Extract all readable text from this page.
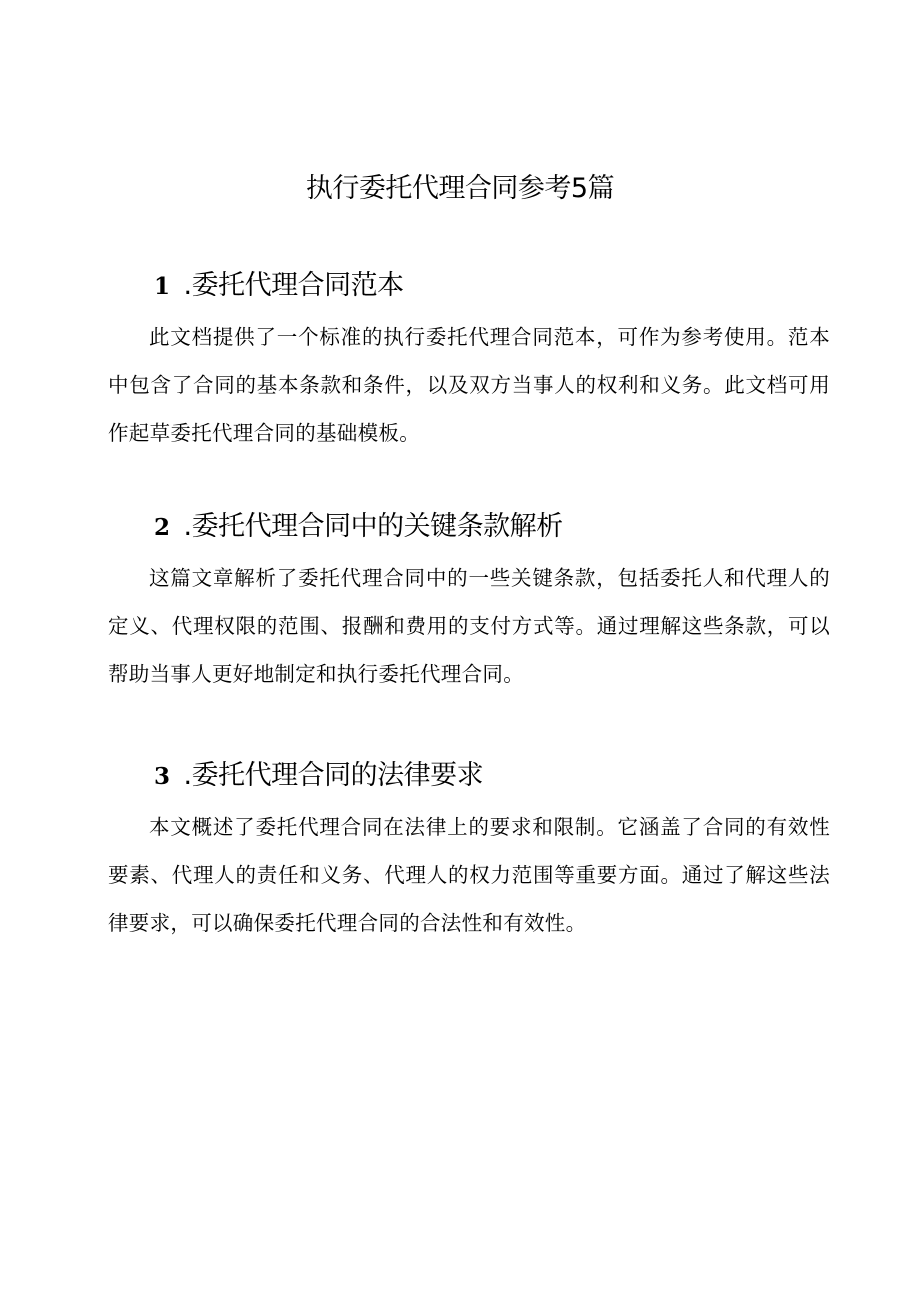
执行委托代理合同参考5篇
1 .委托代理合同范本

此文档提供了一个标准的执行委托代理合同范本，可作为参考使用。范本中包含了合同的基本条款和条件，以及双方当事人的权利和义务。此文档可用作起草委托代理合同的基础模板。

2 .委托代理合同中的关键条款解析

这篇文章解析了委托代理合同中的一些关键条款，包括委托人和代理人的定义、代理权限的范围、报酬和费用的支付方式等。通过理解这些条款，可以帮助当事人更好地制定和执行委托代理合同。

3 .委托代理合同的法律要求

本文概述了委托代理合同在法律上的要求和限制。它涵盖了合同的有效性要素、代理人的责任和义务、代理人的权力范围等重要方面。通过了解这些法律要求，可以确保委托代理合同的合法性和有效性。
